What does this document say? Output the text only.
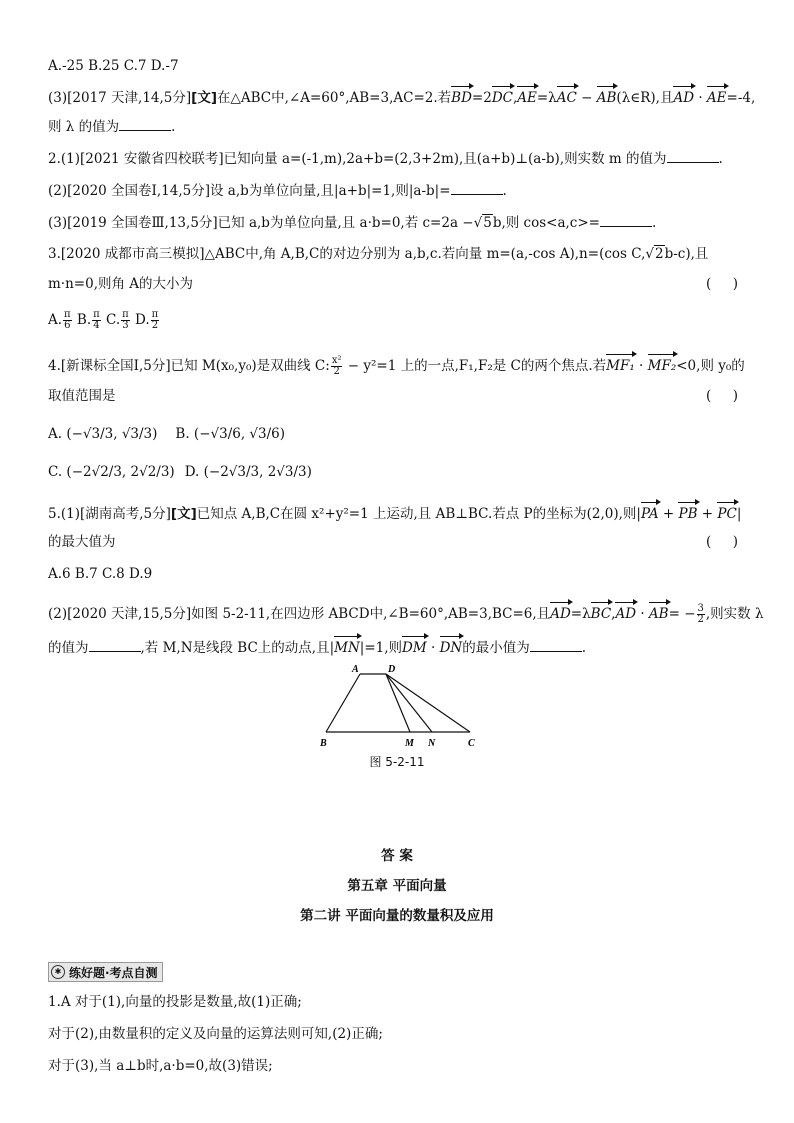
A.-25 B.25 C.7 D.-7
(3)[2017 天津,14,5分][文]在△ABC中,∠A=60°,AB=3,AC=2.若BD=2DC,AE=λAC − AB(λ∈R),且AD · AE=-4,
则 λ 的值为	.
2.(1)[2021 安徽省四校联考]已知向量 a=(-1,m),2a+b=(2,3+2m),且(a+b)⊥(a-b),则实数 m 的值为	.
(2)[2020 全国卷Ⅰ,14,5分]设 a,b为单位向量,且|a+b|=1,则|a-b|=	.
(3)[2019 全国卷Ⅲ,13,5分]已知 a,b为单位向量,且 a·b=0,若 c=2a −√5b,则 cos<a,c>=	.
3.[2020 成都市高三模拟]△ABC中,角 A,B,C的对边分别为 a,b,c.若向量 m=(a,-cos A),n=(cos C,√2b-c),且
m·n=0,则角 A的大小为	(     )
A. $\frac{\pi}{6} B$. $\frac{\pi}{4} C$. $\frac{\pi}{3} D$. $\frac{\pi}{2}$
4.[新课标全国Ⅰ,5分]已知 M(x₀,y₀)是双曲线 C: $\frac{\text{x²}}{2} - y^2=1$ 上的一点,F₁,F₂是 C的两个焦点.若MF₁ · MF₂<0,则 y₀的
取值范围是	(     )
A. (−√3/3, √3/3) B. (−√3/6, √3/6)
C. (−2√2/3, 2√2/3) D. (−2√3/3, 2√3/3)
5.(1)[湖南高考,5分][文]已知点 A,B,C在圆 x²+y²=1 上运动,且 AB⊥BC.若点 P的坐标为(2,0),则|PA + PB + PC|
的最大值为	(     )
A.6 B.7 C.8 D.9
(2)[2020 天津,15,5分]如图 5-2-11,在四边形 ABCD中,∠B=60°,AB=3,BC=6,且$AD=\lambda BC,AD \cdot AB= - \frac{3}{2}$ ,则实数 λ
的值为	,若 M,N是线段 BC上的动点,且|MN|=1,则DM · DN的最小值为	.
A	D
B	M N	C
图 5-2-11
答 案
第五章 平面向量
第二讲 平面向量的数量积及应用
✱ 练好题·考点自测
1.A 对于(1),向量的投影是数量,故(1)正确;
对于(2),由数量积的定义及向量的运算法则可知,(2)正确;
对于(3),当 a⊥b时,a·b=0,故(3)错误;
